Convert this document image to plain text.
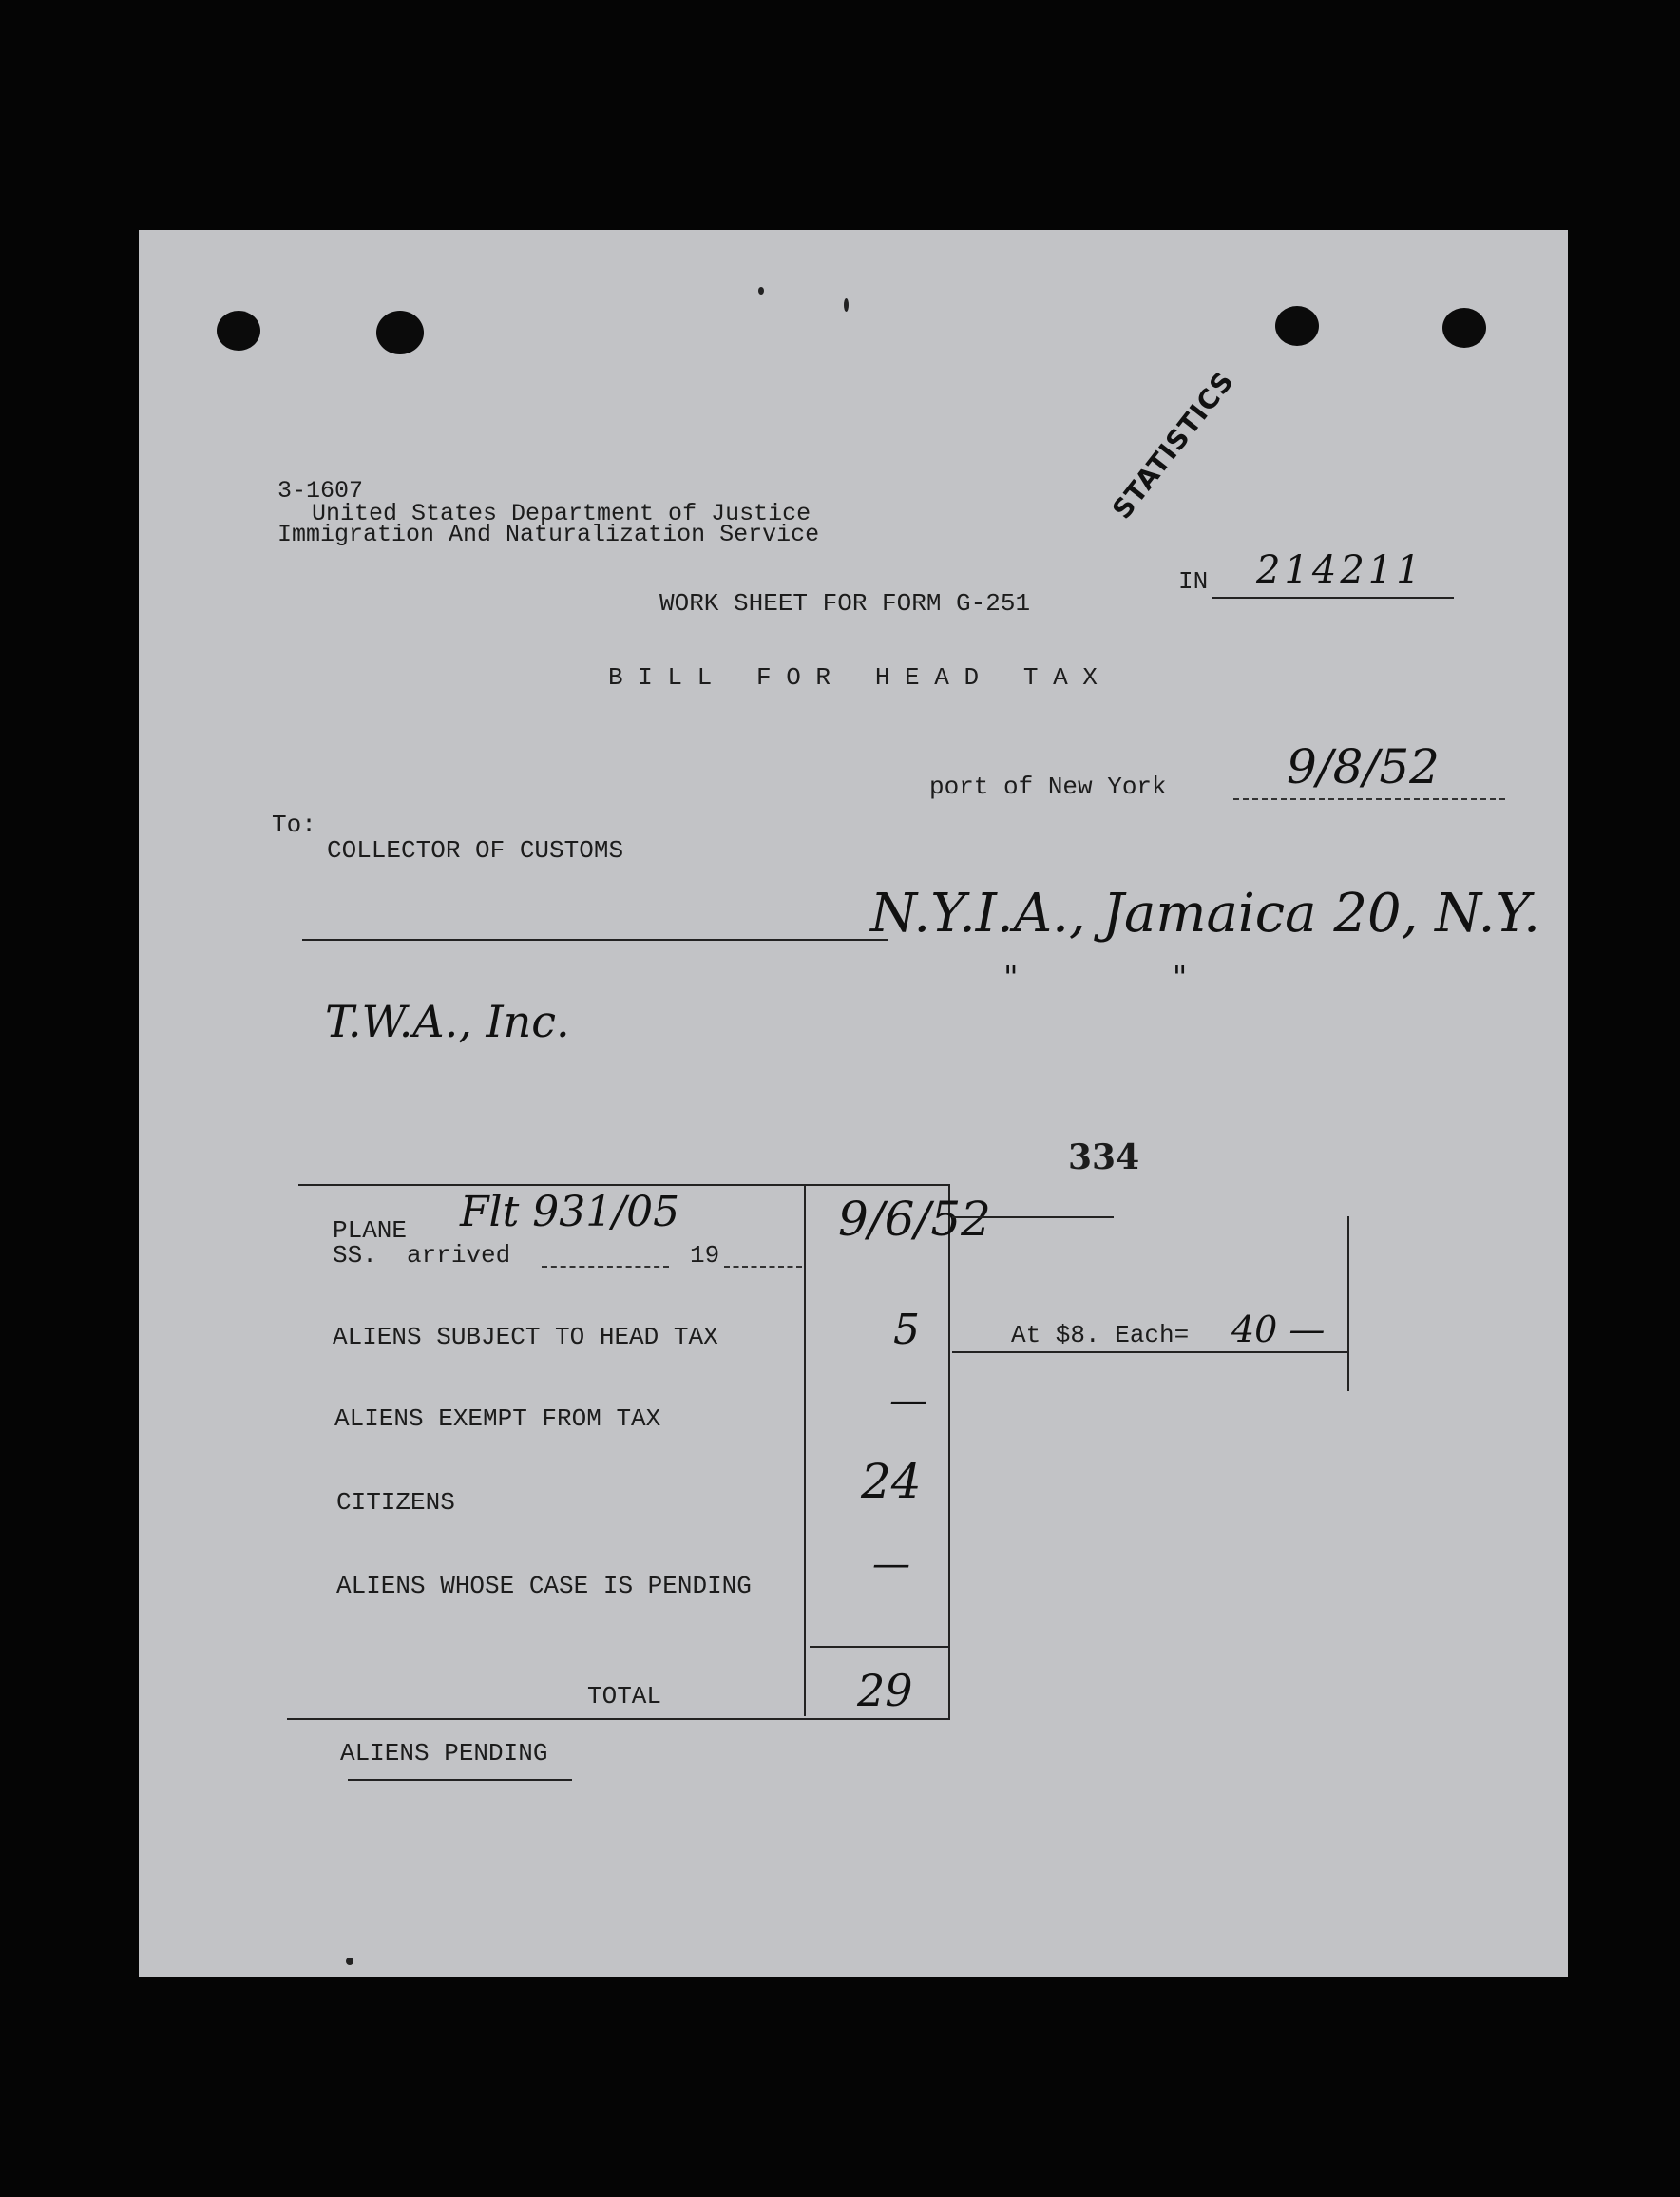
3-1607
United States Department of Justice
Immigration And Naturalization Service
STATISTICS
IN 214211
WORK SHEET FOR FORM G-251
B I L L   F O R   H E A D   T A X
port of New York	9/8/52
To:
COLLECTOR OF CUSTOMS
N.Y.I.A., Jamaica 20, N.Y.
"               "
T.W.A., Inc.
334
PLANE Flt 931/05
SS.  arrived	19
9/6/52
At $8. Each= 40 —
ALIENS SUBJECT TO HEAD TAX	5
ALIENS EXEMPT FROM TAX	—
CITIZENS	24
ALIENS WHOSE CASE IS PENDING	—
TOTAL	29
ALIENS PENDING
